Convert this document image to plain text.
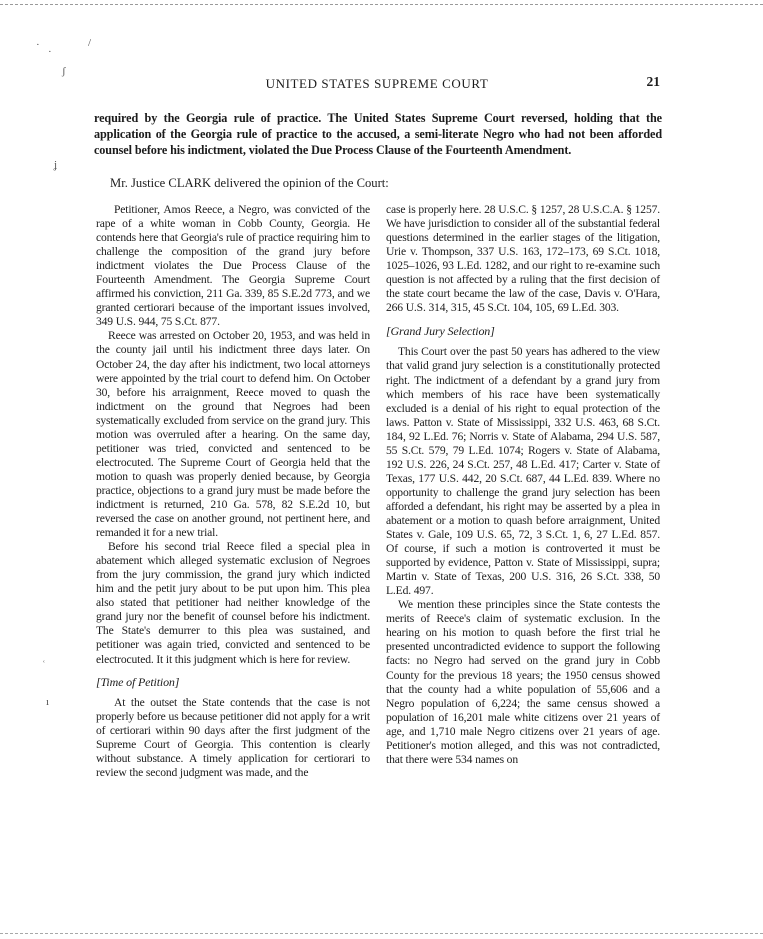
·
·
/
ʃ
ʝ
ʿ
ı
UNITED STATES SUPREME COURT	21
required by the Georgia rule of practice. The United States Supreme Court reversed, holding that the application of the Georgia rule of practice to the accused, a semi-literate Negro who had not been afforded counsel before his indictment, violated the Due Process Clause of the Fourteenth Amendment.
Mr. Justice CLARK delivered the opinion of the Court:

Petitioner, Amos Reece, a Negro, was convicted of the rape of a white woman in Cobb County, Georgia. He contends here that Georgia's rule of practice requiring him to challenge the composition of the grand jury before indictment violates the Due Process Clause of the Fourteenth Amendment. The Georgia Supreme Court affirmed his conviction, 211 Ga. 339, 85 S.E.2d 773, and we granted certiorari because of the important issues involved, 349 U.S. 944, 75 S.Ct. 877.

Reece was arrested on October 20, 1953, and was held in the county jail until his indictment three days later. On October 24, the day after his indictment, two local attorneys were appointed by the trial court to defend him. On October 30, before his arraignment, Reece moved to quash the indictment on the ground that Negroes had been systematically excluded from service on the grand jury. This motion was overruled after a hearing. On the same day, petitioner was tried, convicted and sentenced to be electrocuted. The Supreme Court of Georgia held that the motion to quash was properly denied because, by Georgia practice, objections to a grand jury must be made before the indictment is returned, 210 Ga. 578, 82 S.E.2d 10, but reversed the case on another ground, not pertinent here, and remanded it for a new trial.

Before his second trial Reece filed a special plea in abatement which alleged systematic exclusion of Negroes from the jury commission, the grand jury which indicted him and the petit jury about to be put upon him. This plea also stated that petitioner had neither knowledge of the grand jury nor the benefit of counsel before his indictment. The State's demurrer to this plea was sustained, and petitioner was again tried, convicted and sentenced to be electrocuted. It it this judgment which is here for review.

[Time of Petition]

At the outset the State contends that the case is not properly before us because petitioner did not apply for a writ of certiorari within 90 days after the first judgment of the Supreme Court of Georgia. This contention is clearly without substance. A timely application for certiorari to review the second judgment was made, and the

case is properly here. 28 U.S.C. § 1257, 28 U.S.C.A. § 1257. We have jurisdiction to consider all of the substantial federal questions determined in the earlier stages of the litigation, Urie v. Thompson, 337 U.S. 163, 172–173, 69 S.Ct. 1018, 1025–1026, 93 L.Ed. 1282, and our right to re-examine such question is not affected by a ruling that the first decision of the state court became the law of the case, Davis v. O'Hara, 266 U.S. 314, 315, 45 S.Ct. 104, 105, 69 L.Ed. 303.

[Grand Jury Selection]

This Court over the past 50 years has adhered to the view that valid grand jury selection is a constitutionally protected right. The indictment of a defendant by a grand jury from which members of his race have been systematically excluded is a denial of his right to equal protection of the laws. Patton v. State of Mississippi, 332 U.S. 463, 68 S.Ct. 184, 92 L.Ed. 76; Norris v. State of Alabama, 294 U.S. 587, 55 S.Ct. 579, 79 L.Ed. 1074; Rogers v. State of Alabama, 192 U.S. 226, 24 S.Ct. 257, 48 L.Ed. 417; Carter v. State of Texas, 177 U.S. 442, 20 S.Ct. 687, 44 L.Ed. 839. Where no opportunity to challenge the grand jury selection has been afforded a defendant, his right may be asserted by a plea in abatement or a motion to quash before arraignment, United States v. Gale, 109 U.S. 65, 72, 3 S.Ct. 1, 6, 27 L.Ed. 857. Of course, if such a motion is controverted it must be supported by evidence, Patton v. State of Mississippi, supra; Martin v. State of Texas, 200 U.S. 316, 26 S.Ct. 338, 50 L.Ed. 497.

We mention these principles since the State contests the merits of Reece's claim of systematic exclusion. In the hearing on his motion to quash before the first trial he presented uncontradicted evidence to support the following facts: no Negro had served on the grand jury in Cobb County for the previous 18 years; the 1950 census showed that the county had a white population of 55,606 and a Negro population of 6,224; the same census showed a population of 16,201 male white citizens over 21 years of age, and 1,710 male Negro citizens over 21 years of age. Petitioner's motion alleged, and this was not contradicted, that there were 534 names on
